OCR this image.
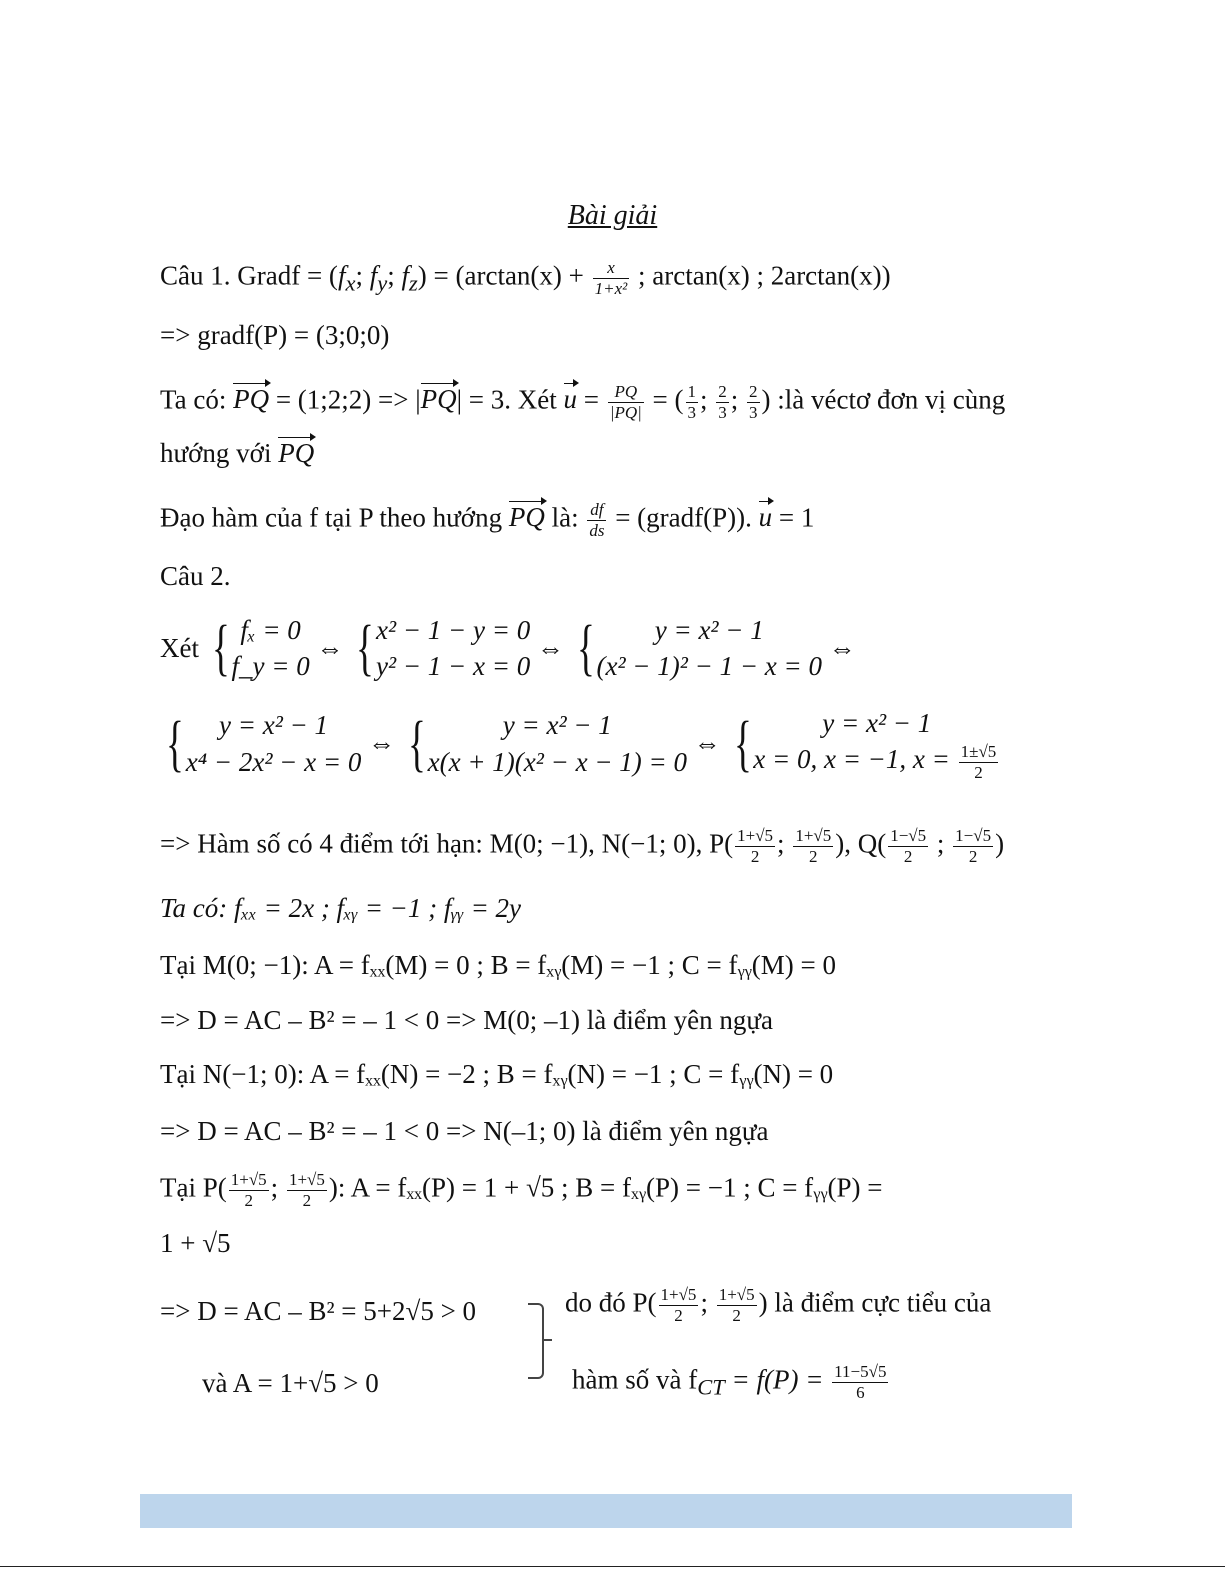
Bài giải
Câu 1. Gradf = ($f_x$; $f_y$; $f_z) = (\arctan(x) + \frac{x}{\text{1+x²}}$ ; arctan(x) ; 2arctan(x))
=> gradf(P) = (3;0;0)
Ta có: PQ = (1;2;2) => |PQ| = 3. Xét $u = \frac{PQ}{|PQ|}$ = ( $\frac{1}{3}$ ; $\frac{2}{3}$ ; $\frac{2}{3}$ ) :là véctơ đơn vị cùng
hướng với PQ
Đạo hàm của f tại P theo hướng PQ là: $\frac{df}{ds}$ = (gradf(P)). u = 1
Câu 2.
Xét { fₓ = 0
f_y = 0
⇔ { x² − 1 − y = 0
y² − 1 − x = 0
⇔ {	y = x² − 1
(x² − 1)² − 1 − x = 0
⇔
{	y = x² − 1
x⁴ − 2x² − x = 0
⇔ {	y = x² − 1
x(x + 1)(x² − x − 1) = 0
⇔ {	y = x² − 1
x = 0, x = −1, $x = \frac{1\pm√5}{2}$
=> Hàm số có 4 điểm tới hạn: M(0; −1), N(−1; 0), $P( \frac{1+√5}{2}$ ; $\frac{1+√5}{2}$ ), $Q( \frac{1-√5}{2}$ ; $\frac{1-√5}{2}$ )
Ta có: fₓₓ = 2x ; fₓᵧ = −1 ; fᵧᵧ = 2y
Tại M(0; −1): A = fₓₓ(M) = 0 ; B = fₓᵧ(M) = −1 ; C = fᵧᵧ(M) = 0
=> D = AC – B² = – 1 < 0 => M(0; –1) là điểm yên ngựa
Tại N(−1; 0): A = fₓₓ(N) = −2 ; B = fₓᵧ(N) = −1 ; C = fᵧᵧ(N) = 0
=> D = AC – B² = – 1 < 0 => N(–1; 0) là điểm yên ngựa
Tại $P( \frac{1+√5}{2}$ ; $\frac{1+√5}{2}$ ): A = fₓₓ(P) = 1 + √5 ; B = fₓᵧ(P) = −1 ; C = fᵧᵧ(P) =
1 + √5
=> D = AC – B² = 5+2√5 > 0
và A = 1+√5 > 0
do đó $P( \frac{1+√5}{2}$ ; $\frac{1+√5}{2}$ ) là điểm cực tiểu của
hàm số và $f_{CT} = f(P) = \frac{11-5√5}{6}$
